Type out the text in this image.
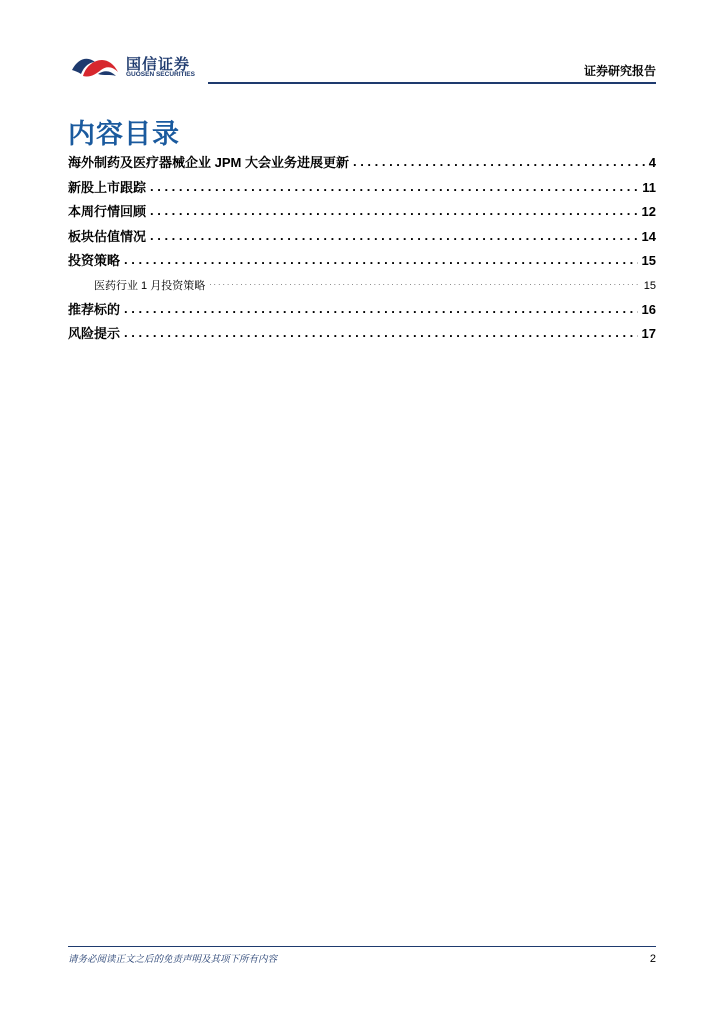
国信证券
GUOSEN SECURITIES	证券研究报告
内容目录
海外制药及医疗器械企业 JPM 大会业务进展更新 . . .	4
新股上市跟踪 . . .	11
本周行情回顾 . . .	12
板块估值情况 . . .	14
投资策略 . . .	15
医药行业 1 月投资策略 . . .	15
推荐标的 . . .	16
风险提示 . . .	17
请务必阅读正文之后的免责声明及其项下所有内容	2
